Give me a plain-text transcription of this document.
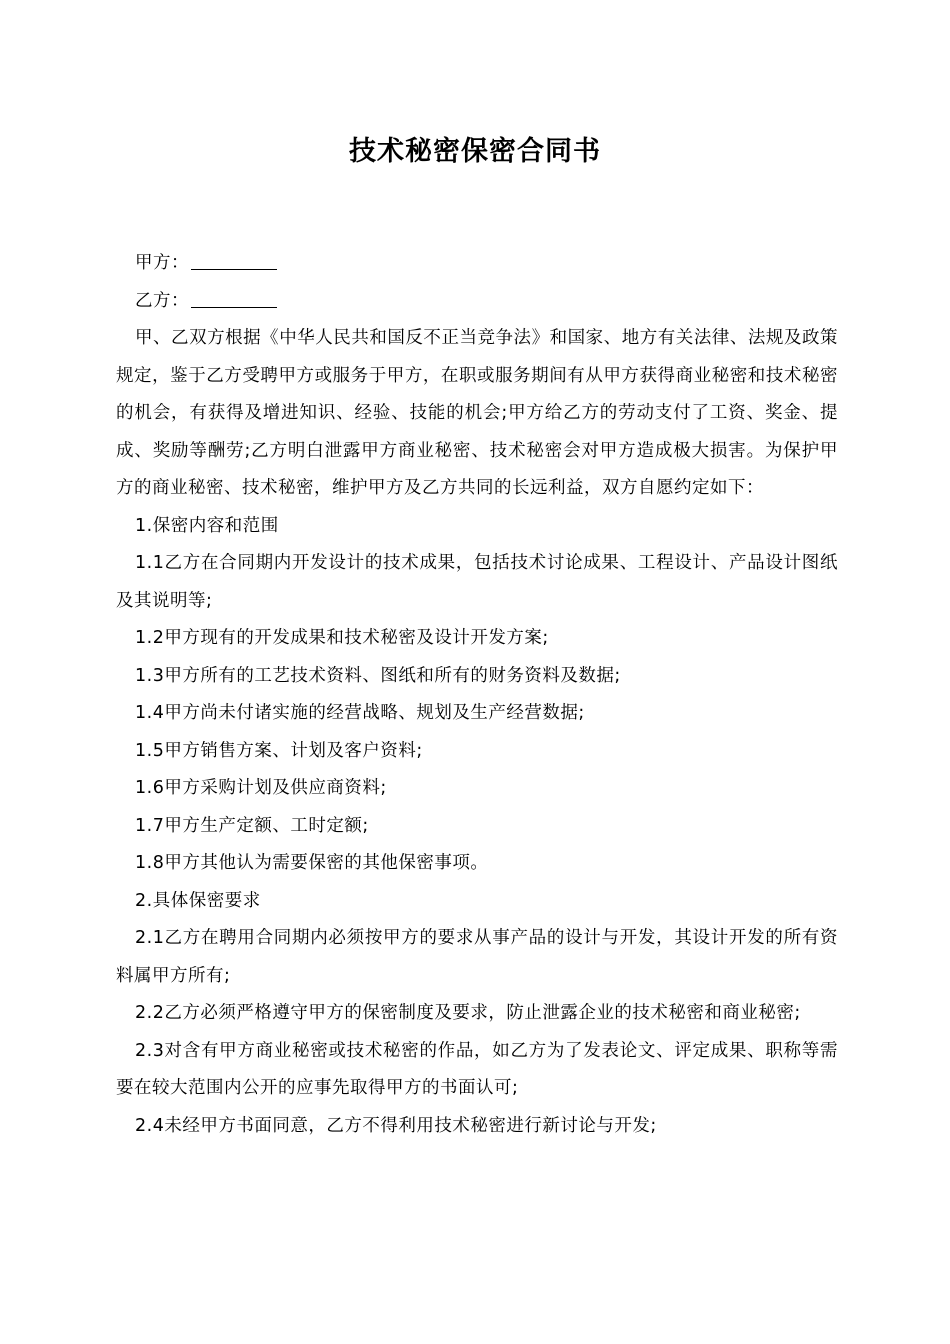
技术秘密保密合同书

甲方：

乙方：

甲、乙双方根据《中华人民共和国反不正当竞争法》和国家、地方有关法律、法规及政策规定，鉴于乙方受聘甲方或服务于甲方，在职或服务期间有从甲方获得商业秘密和技术秘密的机会，有获得及增进知识、经验、技能的机会;甲方给乙方的劳动支付了工资、奖金、提成、奖励等酬劳;乙方明白泄露甲方商业秘密、技术秘密会对甲方造成极大损害。为保护甲方的商业秘密、技术秘密，维护甲方及乙方共同的长远利益，双方自愿约定如下：

1.保密内容和范围

1.1乙方在合同期内开发设计的技术成果，包括技术讨论成果、工程设计、产品设计图纸及其说明等;

1.2甲方现有的开发成果和技术秘密及设计开发方案;

1.3甲方所有的工艺技术资料、图纸和所有的财务资料及数据;

1.4甲方尚未付诸实施的经营战略、规划及生产经营数据;

1.5甲方销售方案、计划及客户资料;

1.6甲方采购计划及供应商资料;

1.7甲方生产定额、工时定额;

1.8甲方其他认为需要保密的其他保密事项。

2.具体保密要求

2.1乙方在聘用合同期内必须按甲方的要求从事产品的设计与开发，其设计开发的所有资料属甲方所有;

2.2乙方必须严格遵守甲方的保密制度及要求，防止泄露企业的技术秘密和商业秘密;

2.3对含有甲方商业秘密或技术秘密的作品，如乙方为了发表论文、评定成果、职称等需要在较大范围内公开的应事先取得甲方的书面认可;

2.4未经甲方书面同意，乙方不得利用技术秘密进行新讨论与开发;
